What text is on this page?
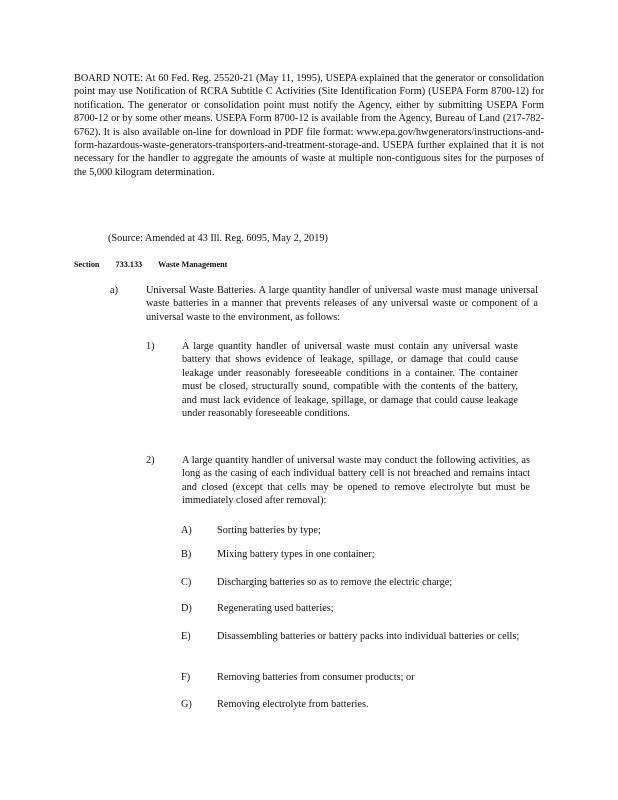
BOARD NOTE: At 60 Fed. Reg. 25520-21 (May 11, 1995), USEPA explained that the generator or consolidation point may use Notification of RCRA Subtitle C Activities (Site Identification Form) (USEPA Form 8700-12) for notification. The generator or consolidation point must notify the Agency, either by submitting USEPA Form 8700-12 or by some other means. USEPA Form 8700-12 is available from the Agency, Bureau of Land (217-782-6762). It is also available on-line for download in PDF file format: www.epa.gov/hwgenerators/instructions-and-form-hazardous-waste-generators-transporters-and-treatment-storage-and. USEPA further explained that it is not necessary for the handler to aggregate the amounts of waste at multiple non-contiguous sites for the purposes of the 5,000 kilogram determination.
(Source: Amended at 43 Ill. Reg. 6095, May 2, 2019)
Section 733.133 Waste Management
a)	Universal Waste Batteries. A large quantity handler of universal waste must manage universal waste batteries in a manner that prevents releases of any universal waste or component of a universal waste to the environment, as follows:
1)	A large quantity handler of universal waste must contain any universal waste battery that shows evidence of leakage, spillage, or damage that could cause leakage under reasonably foreseeable conditions in a container. The container must be closed, structurally sound, compatible with the contents of the battery, and must lack evidence of leakage, spillage, or damage that could cause leakage under reasonably foreseeable conditions.
2)	A large quantity handler of universal waste may conduct the following activities, as long as the casing of each individual battery cell is not breached and remains intact and closed (except that cells may be opened to remove electrolyte but must be immediately closed after removal):
A) Sorting batteries by type;
B) Mixing battery types in one container;
C) Discharging batteries so as to remove the electric charge;
D) Regenerating used batteries;
E)	Disassembling batteries or battery packs into individual batteries or cells;
F)	Removing batteries from consumer products; or
G) Removing electrolyte from batteries.
